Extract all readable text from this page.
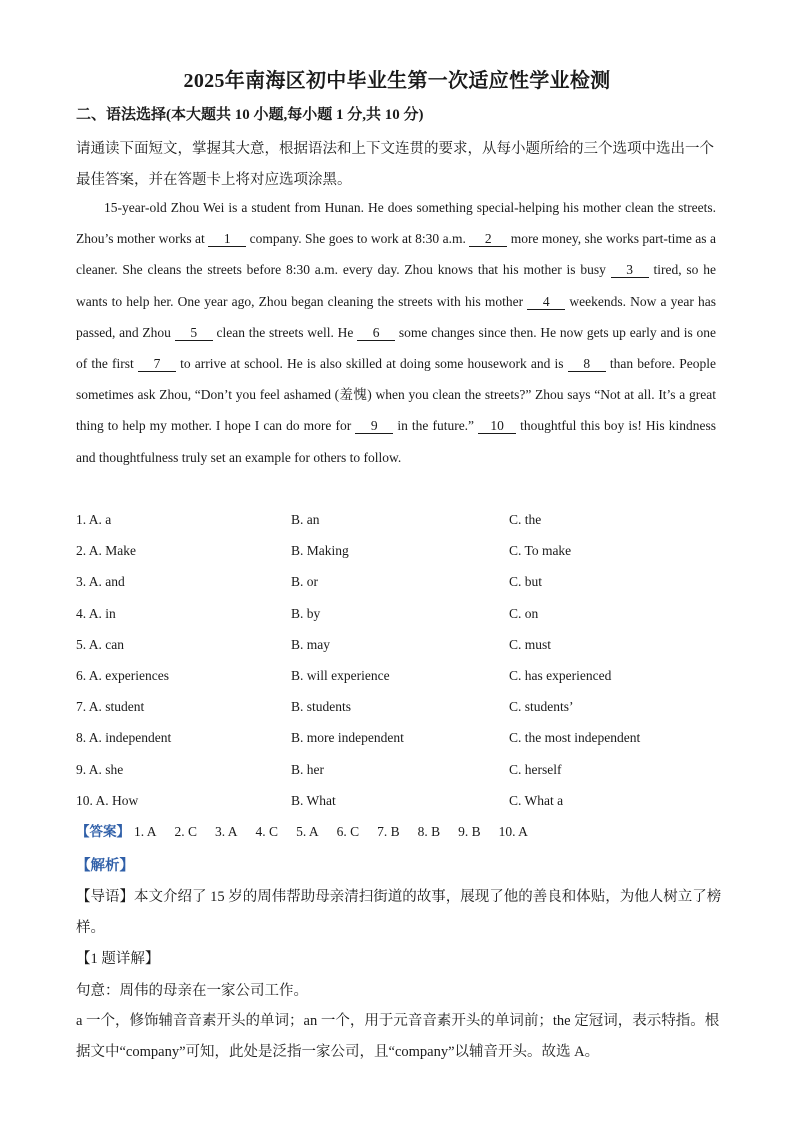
2025年南海区初中毕业生第一次适应性学业检测
二、语法选择(本大题共 10 小题,每小题 1 分,共 10 分)
请通读下面短文，掌握其大意，根据语法和上下文连贯的要求，从每小题所给的三个选项中选出一个最佳答案，并在答题卡上将对应选项涂黑。
15-year-old Zhou Wei is a student from Hunan. He does something special-helping his mother clean the streets. Zhou’s mother works at 1 company. She goes to work at 8:30 a.m. 2 more money, she works part-time as a cleaner. She cleans the streets before 8:30 a.m. every day. Zhou knows that his mother is busy 3 tired, so he wants to help her. One year ago, Zhou began cleaning the streets with his mother 4 weekends. Now a year has passed, and Zhou 5 clean the streets well. He 6 some changes since then. He now gets up early and is one of the first 7 to arrive at school. He is also skilled at doing some housework and is 8 than before. People sometimes ask Zhou, “Don’t you feel ashamed (羞愧) when you clean the streets?” Zhou says “Not at all. It’s a great thing to help my mother. I hope I can do more for 9 in the future.” 10 thoughtful this boy is! His kindness and thoughtfulness truly set an example for others to follow.
1. A. a	B. an	C. the
2. A. Make	B. Making	C. To make
3. A. and	B. or	C. but
4. A. in	B. by	C. on
5. A. can	B. may	C. must
6. A. experiences	B. will experience	C. has experienced
7. A. student	B. students	C. students’
8. A. independent	B. more independent	C. the most independent
9. A. she	B. her	C. herself
10. A. How	B. What	C. What a
【答案】 1. A 2. C 3. A 4. C 5. A 6. C 7. B 8. B 9. B 10. A
【解析】
【导语】本文介绍了 15 岁的周伟帮助母亲清扫街道的故事，展现了他的善良和体贴，为他人树立了榜样。
【1 题详解】
句意：周伟的母亲在一家公司工作。
a 一个，修饰辅音音素开头的单词；an 一个，用于元音音素开头的单词前；the 定冠词，表示特指。根据文中“company”可知，此处是泛指一家公司，且“company”以辅音开头。故选 A。
